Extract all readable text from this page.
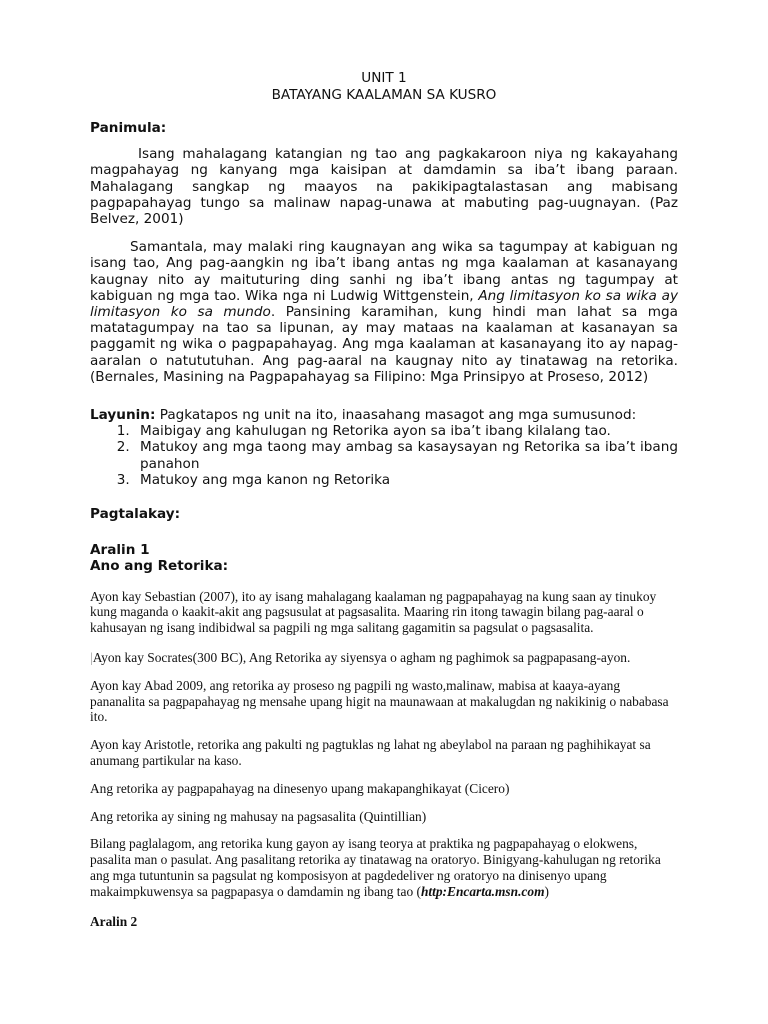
UNIT 1
BATAYANG KAALAMAN SA KUSRO

Panimula:

Isang mahalagang katangian ng tao ang pagkakaroon niya ng kakayahang magpahayag ng kanyang mga kaisipan at damdamin sa iba’t ibang paraan. Mahalagang sangkap ng maayos na pakikipagtalastasan ang mabisang pagpapahayag tungo sa malinaw napag-unawa at mabuting pag-uugnayan. (Paz Belvez, 2001)

Samantala, may malaki ring kaugnayan ang wika sa tagumpay at kabiguan ng isang tao, Ang pag-aangkin ng iba’t ibang antas ng mga kaalaman at kasanayang kaugnay nito ay maituturing ding sanhi ng iba’t ibang antas ng tagumpay at kabiguan ng mga tao. Wika nga ni Ludwig Wittgenstein, Ang limitasyon ko sa wika ay limitasyon ko sa mundo. Pansining karamihan, kung hindi man lahat sa mga matatagumpay na tao sa lipunan, ay may mataas na kaalaman at kasanayan sa paggamit ng wika o pagpapahayag. Ang mga kaalaman at kasanayang ito ay napag-aaralan o natututuhan. Ang pag-aaral na kaugnay nito ay tinatawag na retorika. (Bernales, Masining na Pagpapahayag sa Filipino: Mga Prinsipyo at Proseso, 2012)

Layunin: Pagkatapos ng unit na ito, inaasahang masagot ang mga sumusunod:

1. Maibigay ang kahulugan ng Retorika ayon sa iba’t ibang kilalang tao.
2. Matukoy ang mga taong may ambag sa kasaysayan ng Retorika sa iba’t ibang panahon
3. Matukoy ang mga kanon ng Retorika

Pagtalakay:

Aralin 1

Ano ang Retorika:

Ayon kay Sebastian (2007), ito ay isang mahalagang kaalaman ng pagpapahayag na kung saan ay tinukoy kung maganda o kaakit-akit ang pagsusulat at pagsasalita. Maaring rin itong tawagin bilang pag-aaral o kahusayan ng isang indibidwal sa pagpili ng mga salitang gagamitin sa pagsulat o pagsasalita.

|Ayon kay Socrates(300 BC), Ang Retorika ay siyensya o agham ng paghimok sa pagpapasang-ayon.

Ayon kay Abad 2009, ang retorika ay proseso ng pagpili ng wasto,malinaw, mabisa at kaaya-ayang pananalita sa pagpapahayag ng mensahe upang higit na maunawaan at makalugdan ng nakikinig o nababasa ito.

Ayon kay Aristotle, retorika ang pakulti ng pagtuklas ng lahat ng abeylabol na paraan ng paghihikayat sa anumang partikular na kaso.

Ang retorika ay pagpapahayag na dinesenyo upang makapanghikayat (Cicero)

Ang retorika ay sining ng mahusay na pagsasalita (Quintillian)

Bilang paglalagom, ang retorika kung gayon ay isang teorya at praktika ng pagpapahayag o elokwens, pasalita man o pasulat. Ang pasalitang retorika ay tinatawag na oratoryo. Binigyang-kahulugan ng retorika ang mga tutuntunin sa pagsulat ng komposisyon at pagdedeliver ng oratoryo na dinisenyo upang makaimpkuwensya sa pagpapasya o damdamin ng ibang tao (http:Encarta.msn.com)

Aralin 2
